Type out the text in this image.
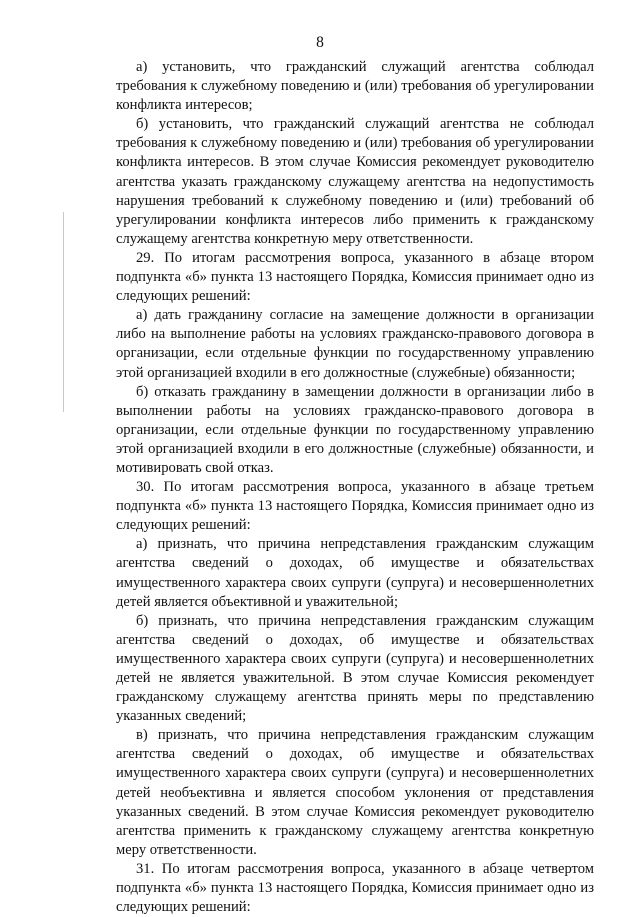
8

а) установить, что гражданский служащий агентства соблюдал требования к служебному поведению и (или) требования об урегулировании конфликта интересов;

б) установить, что гражданский служащий агентства не соблюдал требования к служебному поведению и (или) требования об урегулировании конфликта интересов. В этом случае Комиссия рекомендует руководителю агентства указать гражданскому служащему агентства на недопустимость нарушения требований к служебному поведению и (или) требований об урегулировании конфликта интересов либо применить к гражданскому служащему агентства конкретную меру ответственности.

29. По итогам рассмотрения вопроса, указанного в абзаце втором подпункта «б» пункта 13 настоящего Порядка, Комиссия принимает одно из следующих решений:

а) дать гражданину согласие на замещение должности в организации либо на выполнение работы на условиях гражданско-правового договора в организации, если отдельные функции по государственному управлению этой организацией входили в его должностные (служебные) обязанности;

б) отказать гражданину в замещении должности в организации либо в выполнении работы на условиях гражданско-правового договора в организации, если отдельные функции по государственному управлению этой организацией входили в его должностные (служебные) обязанности, и мотивировать свой отказ.

30. По итогам рассмотрения вопроса, указанного в абзаце третьем подпункта «б» пункта 13 настоящего Порядка, Комиссия принимает одно из следующих решений:

а) признать, что причина непредставления гражданским служащим агентства сведений о доходах, об имуществе и обязательствах имущественного характера своих супруги (супруга) и несовершеннолетних детей является объективной и уважительной;

б) признать, что причина непредставления гражданским служащим агентства сведений о доходах, об имуществе и обязательствах имущественного характера своих супруги (супруга) и несовершеннолетних детей не является уважительной. В этом случае Комиссия рекомендует гражданскому служащему агентства принять меры по представлению указанных сведений;

в) признать, что причина непредставления гражданским служащим агентства сведений о доходах, об имуществе и обязательствах имущественного характера своих супруги (супруга) и несовершеннолетних детей необъективна и является способом уклонения от представления указанных сведений. В этом случае Комиссия рекомендует руководителю агентства применить к гражданскому служащему агентства конкретную меру ответственности.

31. По итогам рассмотрения вопроса, указанного в абзаце четвертом подпункта «б» пункта 13 настоящего Порядка, Комиссия принимает одно из следующих решений:
